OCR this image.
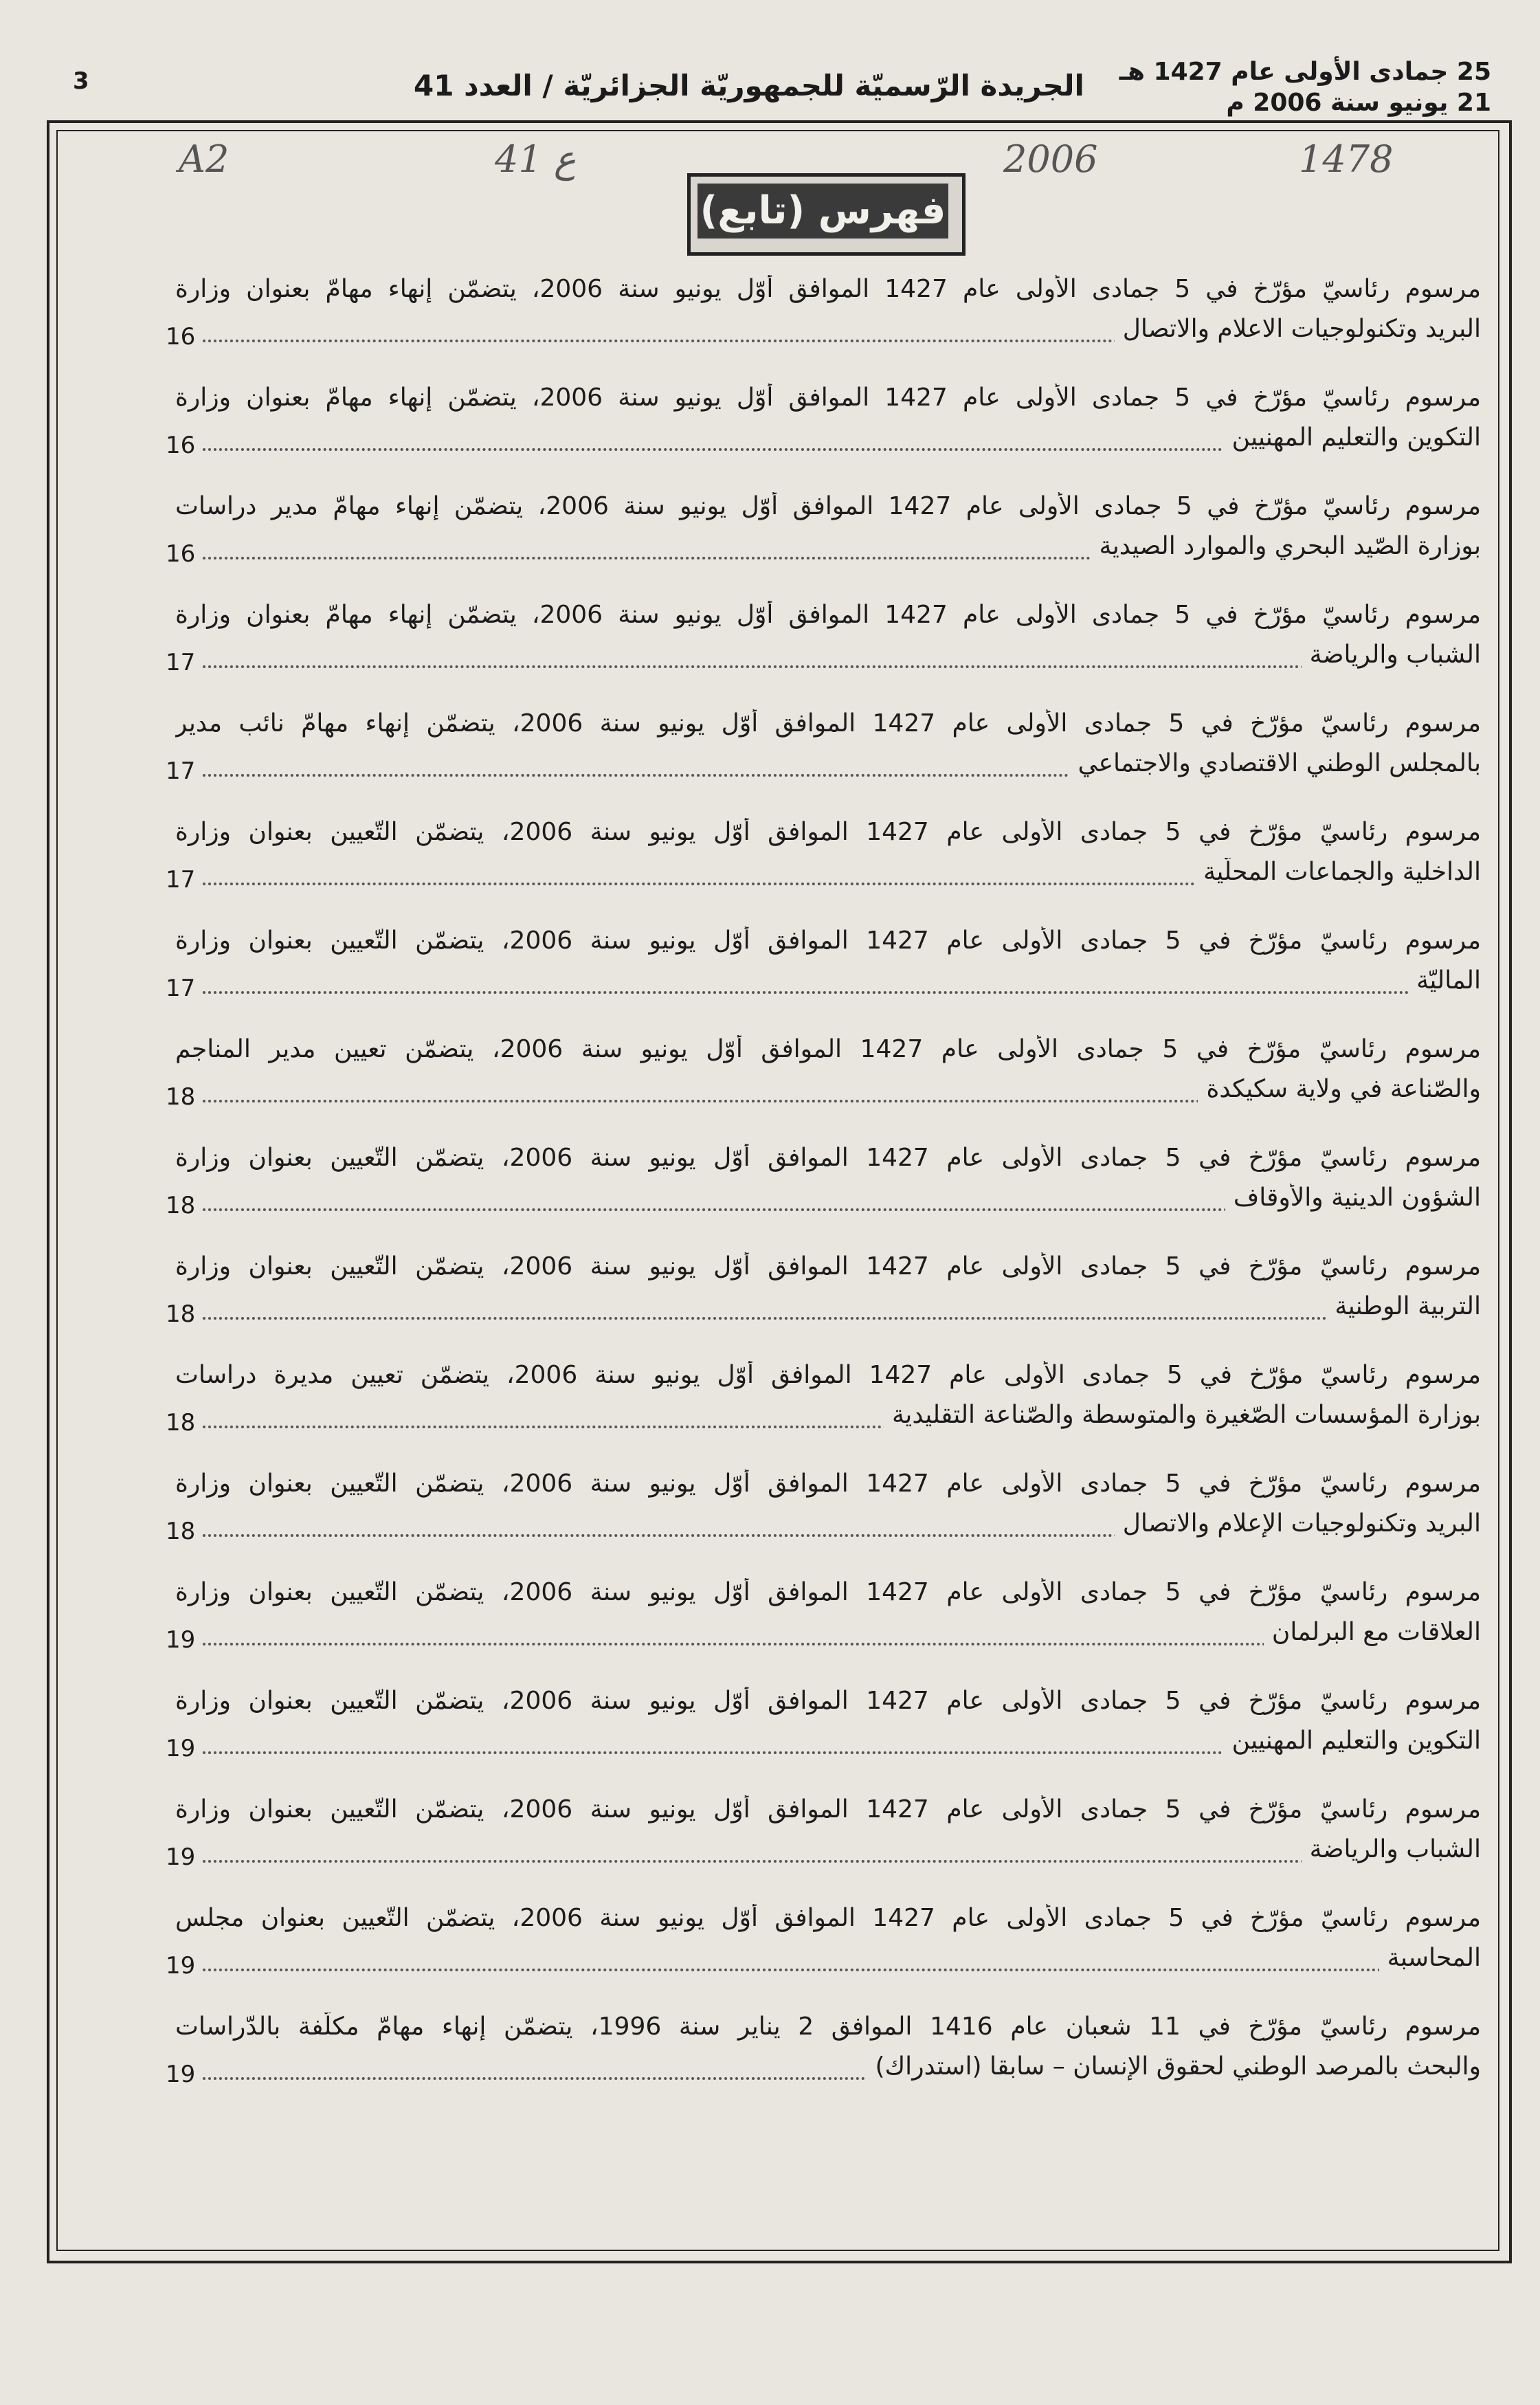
3	الجريدة الرّسميّة للجمهوريّة الجزائريّة / العدد 41 25 جمادى الأولى عام 1427 هـ
21 يونيو سنة 2006 م
A2	ع 41	2006	1478
فهرس (تابع)
مرسوم رئاسيّ مؤرّخ في 5 جمادى الأولى عام 1427 الموافق أوّل يونيو سنة 2006، يتضمّن إنهاء مهامّ بعنوان وزارة
البريد وتكنولوجيات الاعلام والاتصال
16
مرسوم رئاسيّ مؤرّخ في 5 جمادى الأولى عام 1427 الموافق أوّل يونيو سنة 2006، يتضمّن إنهاء مهامّ بعنوان وزارة
التكوين والتعليم المهنيين
16
مرسوم رئاسيّ مؤرّخ في 5 جمادى الأولى عام 1427 الموافق أوّل يونيو سنة 2006، يتضمّن إنهاء مهامّ مدير دراسات
بوزارة الصّيد البحري والموارد الصيدية
16
مرسوم رئاسيّ مؤرّخ في 5 جمادى الأولى عام 1427 الموافق أوّل يونيو سنة 2006، يتضمّن إنهاء مهامّ بعنوان وزارة
الشباب والرياضة
17
مرسوم رئاسيّ مؤرّخ في 5 جمادى الأولى عام 1427 الموافق أوّل يونيو سنة 2006، يتضمّن إنهاء مهامّ نائب مدير
بالمجلس الوطني الاقتصادي والاجتماعي
17
مرسوم رئاسيّ مؤرّخ في 5 جمادى الأولى عام 1427 الموافق أوّل يونيو سنة 2006، يتضمّن التّعيين بعنوان وزارة
الداخلية والجماعات المحلّية
17
مرسوم رئاسيّ مؤرّخ في 5 جمادى الأولى عام 1427 الموافق أوّل يونيو سنة 2006، يتضمّن التّعيين بعنوان وزارة
الماليّة
17
مرسوم رئاسيّ مؤرّخ في 5 جمادى الأولى عام 1427 الموافق أوّل يونيو سنة 2006، يتضمّن تعيين مدير المناجم
والصّناعة في ولاية سكيكدة
18
مرسوم رئاسيّ مؤرّخ في 5 جمادى الأولى عام 1427 الموافق أوّل يونيو سنة 2006، يتضمّن التّعيين بعنوان وزارة
الشؤون الدينية والأوقاف
18
مرسوم رئاسيّ مؤرّخ في 5 جمادى الأولى عام 1427 الموافق أوّل يونيو سنة 2006، يتضمّن التّعيين بعنوان وزارة
التربية الوطنية
18
مرسوم رئاسيّ مؤرّخ في 5 جمادى الأولى عام 1427 الموافق أوّل يونيو سنة 2006، يتضمّن تعيين مديرة دراسات
بوزارة المؤسسات الصّغيرة والمتوسطة والصّناعة التقليدية
18
مرسوم رئاسيّ مؤرّخ في 5 جمادى الأولى عام 1427 الموافق أوّل يونيو سنة 2006، يتضمّن التّعيين بعنوان وزارة
البريد وتكنولوجيات الإعلام والاتصال
18
مرسوم رئاسيّ مؤرّخ في 5 جمادى الأولى عام 1427 الموافق أوّل يونيو سنة 2006، يتضمّن التّعيين بعنوان وزارة
العلاقات مع البرلمان
19
مرسوم رئاسيّ مؤرّخ في 5 جمادى الأولى عام 1427 الموافق أوّل يونيو سنة 2006، يتضمّن التّعيين بعنوان وزارة
التكوين والتعليم المهنيين
19
مرسوم رئاسيّ مؤرّخ في 5 جمادى الأولى عام 1427 الموافق أوّل يونيو سنة 2006، يتضمّن التّعيين بعنوان وزارة
الشباب والرياضة
19
مرسوم رئاسيّ مؤرّخ في 5 جمادى الأولى عام 1427 الموافق أوّل يونيو سنة 2006، يتضمّن التّعيين بعنوان مجلس
المحاسبة
19
مرسوم رئاسيّ مؤرّخ في 11 شعبان عام 1416 الموافق 2 يناير سنة 1996، يتضمّن إنهاء مهامّ مكلّفة بالدّراسات
والبحث بالمرصد الوطني لحقوق الإنسان – سابقا (استدراك)
19
